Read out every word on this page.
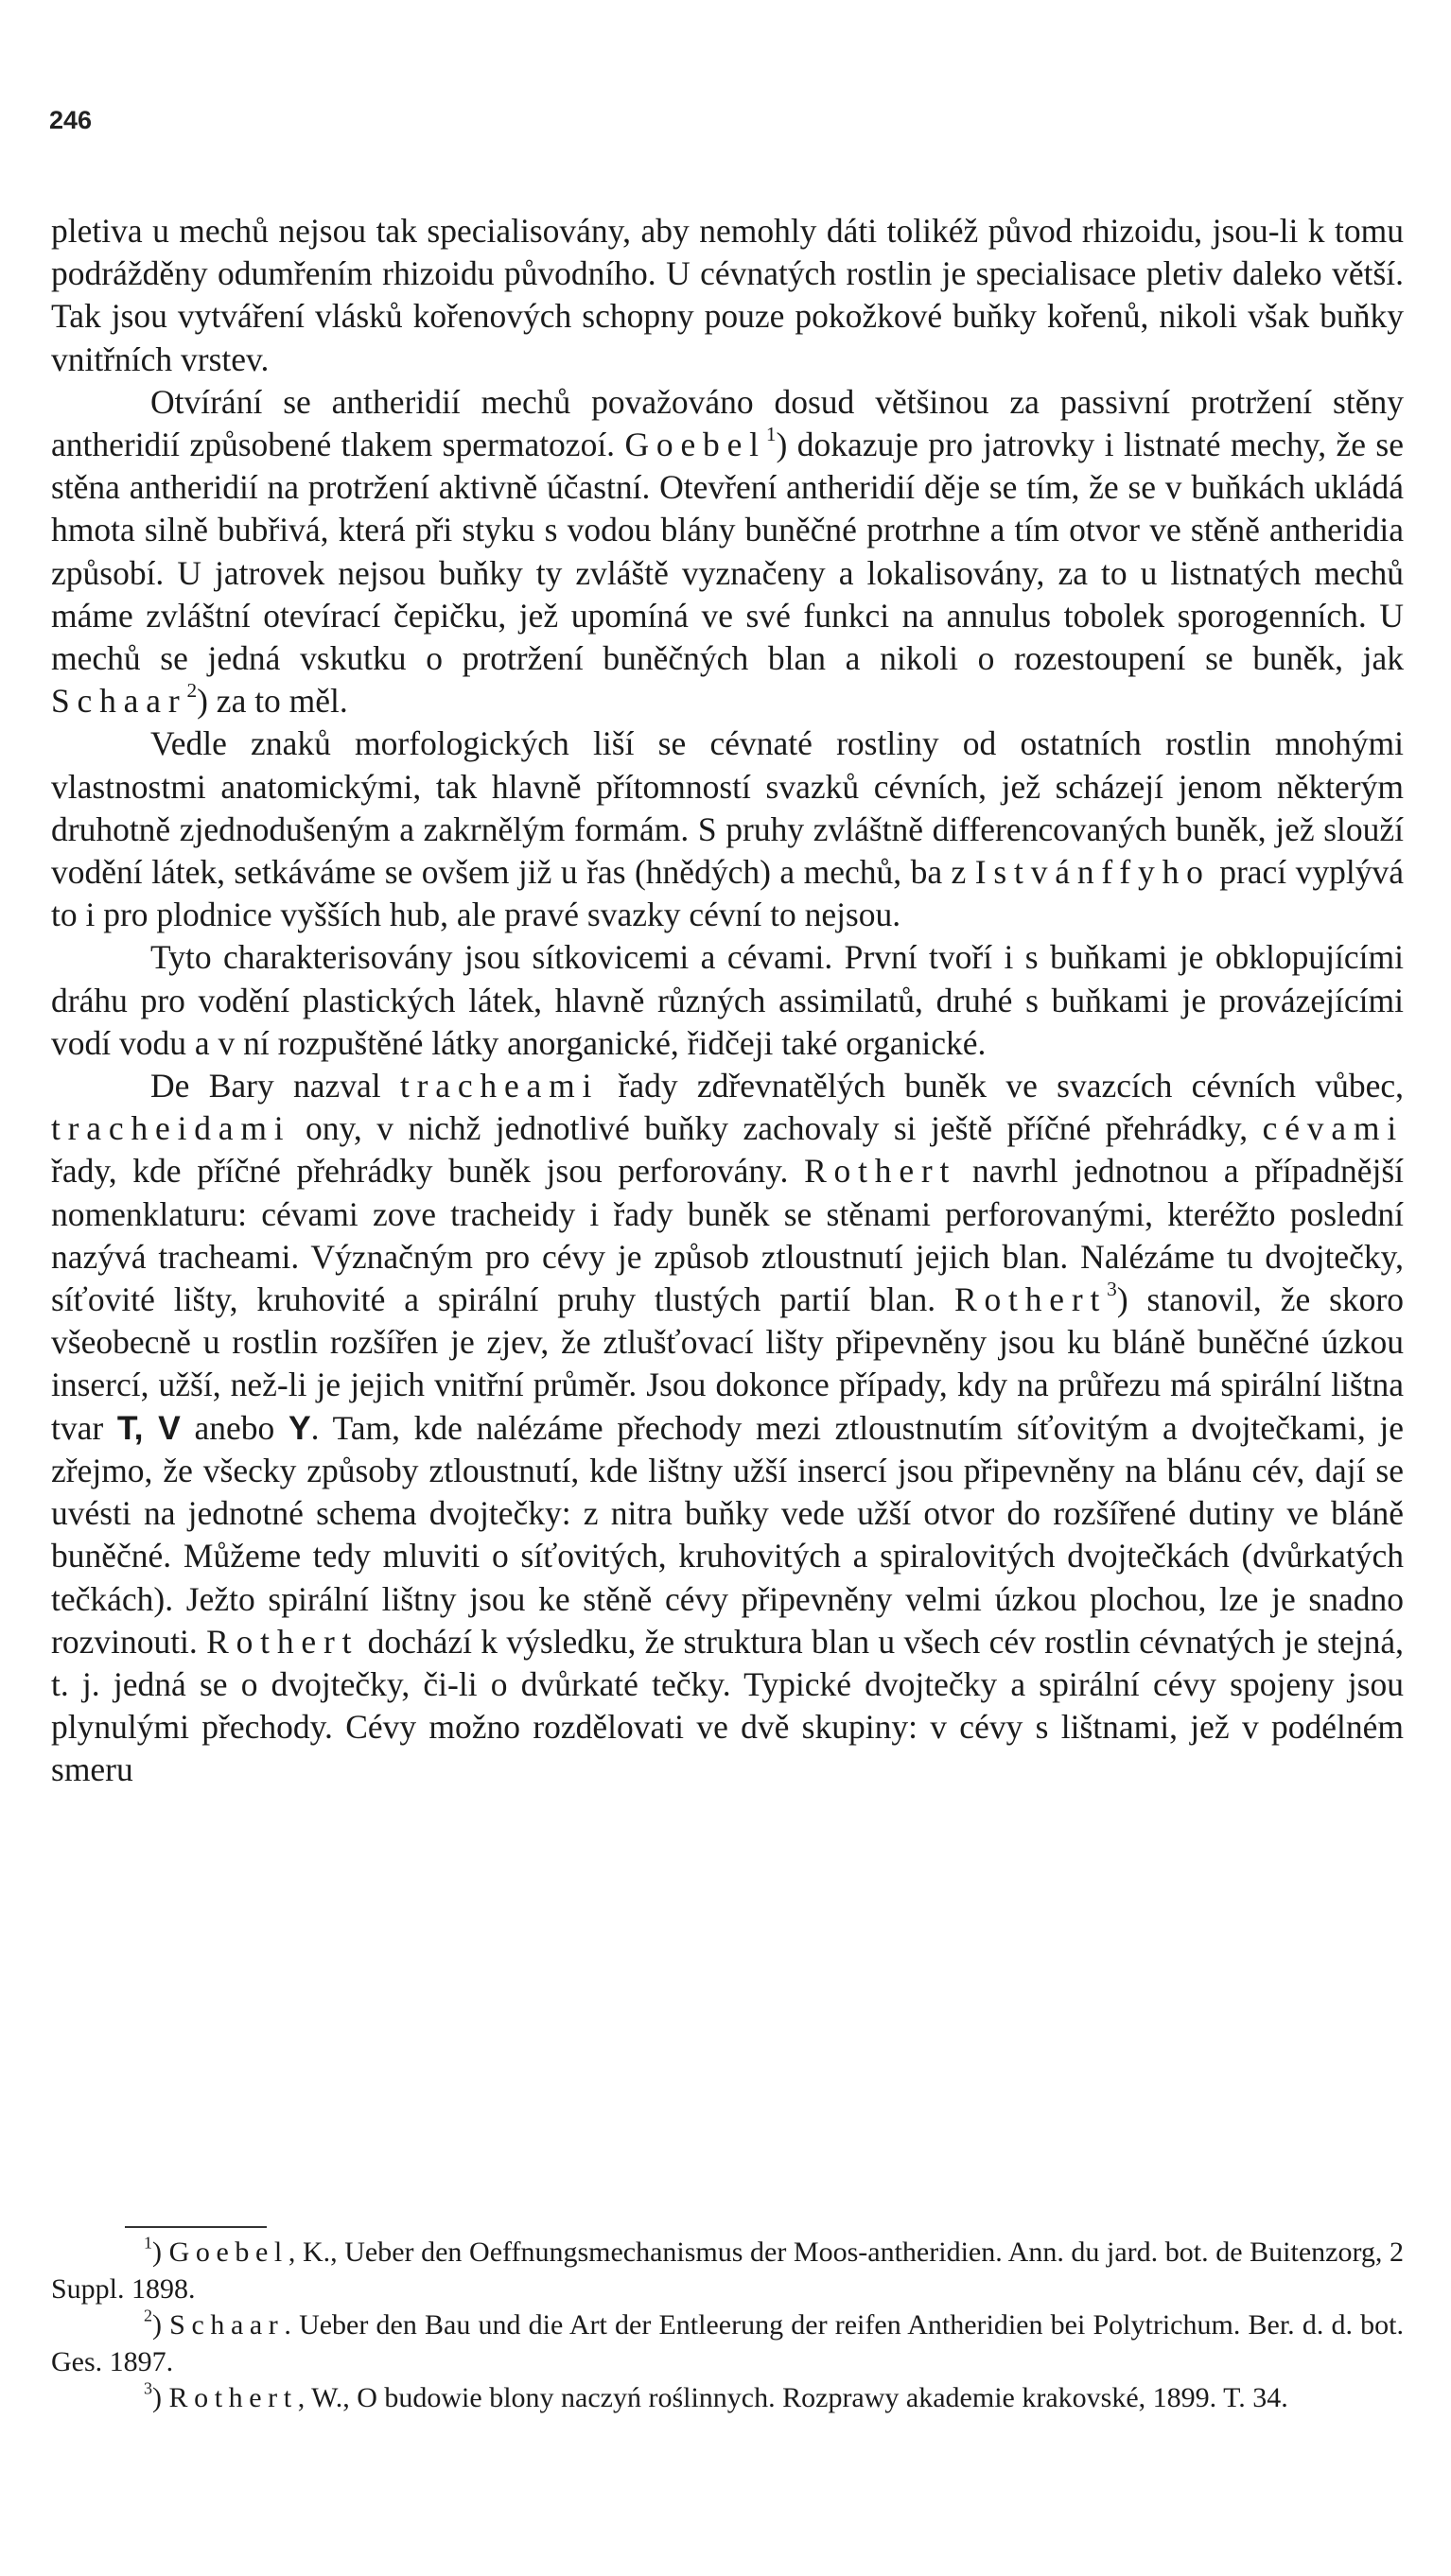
246

pletiva u mechů nejsou tak specialisovány, aby nemohly dáti tolikéž původ rhizoidu, jsou-li k tomu podrážděny odumřením rhizoidu původního. U cévnatých rostlin je specialisace pletiv daleko větší. Tak jsou vytváření vlásků kořenových schopny pouze pokožkové buňky kořenů, nikoli však buňky vnitřních vrstev.

Otvírání se antheridií mechů považováno dosud většinou za passivní protržení stěny antheridií způsobené tlakem spermatozoí. Goebel$^1$) dokazuje pro jatrovky i listnaté mechy, že se stěna antheridií na protržení aktivně účastní. Otevření antheridií děje se tím, že se v buňkách ukládá hmota silně bubřivá, která při styku s vodou blány buněčné protrhne a tím otvor ve stěně antheridia způsobí. U jatrovek nejsou buňky ty zvláště vyznačeny a lokalisovány, za to u listnatých mechů máme zvláštní otevírací čepičku, jež upomíná ve své funkci na annulus tobolek sporogenních. U mechů se jedná vskutku o protržení buněčných blan a nikoli o rozestoupení se buněk, jak Schaar$^2$) za to měl.

Vedle znaků morfologických liší se cévnaté rostliny od ostatních rostlin mnohými vlastnostmi anatomickými, tak hlavně přítomností svazků cévních, jež scházejí jenom některým druhotně zjednodušeným a zakrnělým formám. S pruhy zvláštně differencovaných buněk, jež slouží vodění látek, setkáváme se ovšem již u řas (hnědých) a mechů, ba z Istvánffyho prací vyplývá to i pro plodnice vyšších hub, ale pravé svazky cévní to nejsou.

Tyto charakterisovány jsou sítkovicemi a cévami. První tvoří i s buňkami je obklopujícími dráhu pro vodění plastických látek, hlavně různých assimilatů, druhé s buňkami je provázejícími vodí vodu a v ní rozpuštěné látky anorganické, řidčeji také organické.

De Bary nazval tracheami řady zdřevnatělých buněk ve svazcích cévních vůbec, tracheidami ony, v nichž jednotlivé buňky zachovaly si ještě příčné přehrádky, cévami řady, kde příčné přehrádky buněk jsou perforovány. Rothert navrhl jednotnou a případnější nomenklaturu: cévami zove tracheidy i řady buněk se stěnami perforovanými, kteréžto poslední nazývá tracheami. Význačným pro cévy je způsob ztloustnutí jejich blan. Nalézáme tu dvojtečky, síťovité lišty, kruhovité a spirální pruhy tlustých partií blan. Rothert$^3$) stanovil, že skoro všeobecně u rostlin rozšířen je zjev, že ztlušťovací lišty připevněny jsou ku bláně buněčné úzkou insercí, užší, než-li je jejich vnitřní průměr. Jsou dokonce případy, kdy na průřezu má spirální lištna tvar T, V anebo Y. Tam, kde nalézáme přechody mezi ztloustnutím síťovitým a dvojtečkami, je zřejmo, že všecky způsoby ztloustnutí, kde lištny užší insercí jsou připevněny na blánu cév, dají se uvésti na jednotné schema dvojtečky: z nitra buňky vede užší otvor do rozšířené dutiny ve bláně buněčné. Můžeme tedy mluviti o síťovitých, kruhovitých a spiralovitých dvojtečkách (dvůrkatých tečkách). Ježto spirální lištny jsou ke stěně cévy připevněny velmi úzkou plochou, lze je snadno rozvinouti. Rothert dochází k výsledku, že struktura blan u všech cév rostlin cévnatých je stejná, t. j. jedná se o dvojtečky, či-li o dvůrkaté tečky. Typické dvojtečky a spirální cévy spojeny jsou plynulými přechody. Cévy možno rozdělovati ve dvě skupiny: v cévy s lištnami, jež v podélném smeru

$^1$) Goebel, K., Ueber den Oeffnungsmechanismus der Moos-antheridien. Ann. du jard. bot. de Buitenzorg, 2 Suppl. 1898.

$^2$) Schaar. Ueber den Bau und die Art der Entleerung der reifen Antheridien bei Polytrichum. Ber. d. d. bot. Ges. 1897.

$^3$) Rothert, W., O budowie blony naczyń roślinnych. Rozprawy akademie krakovské, 1899. T. 34.
